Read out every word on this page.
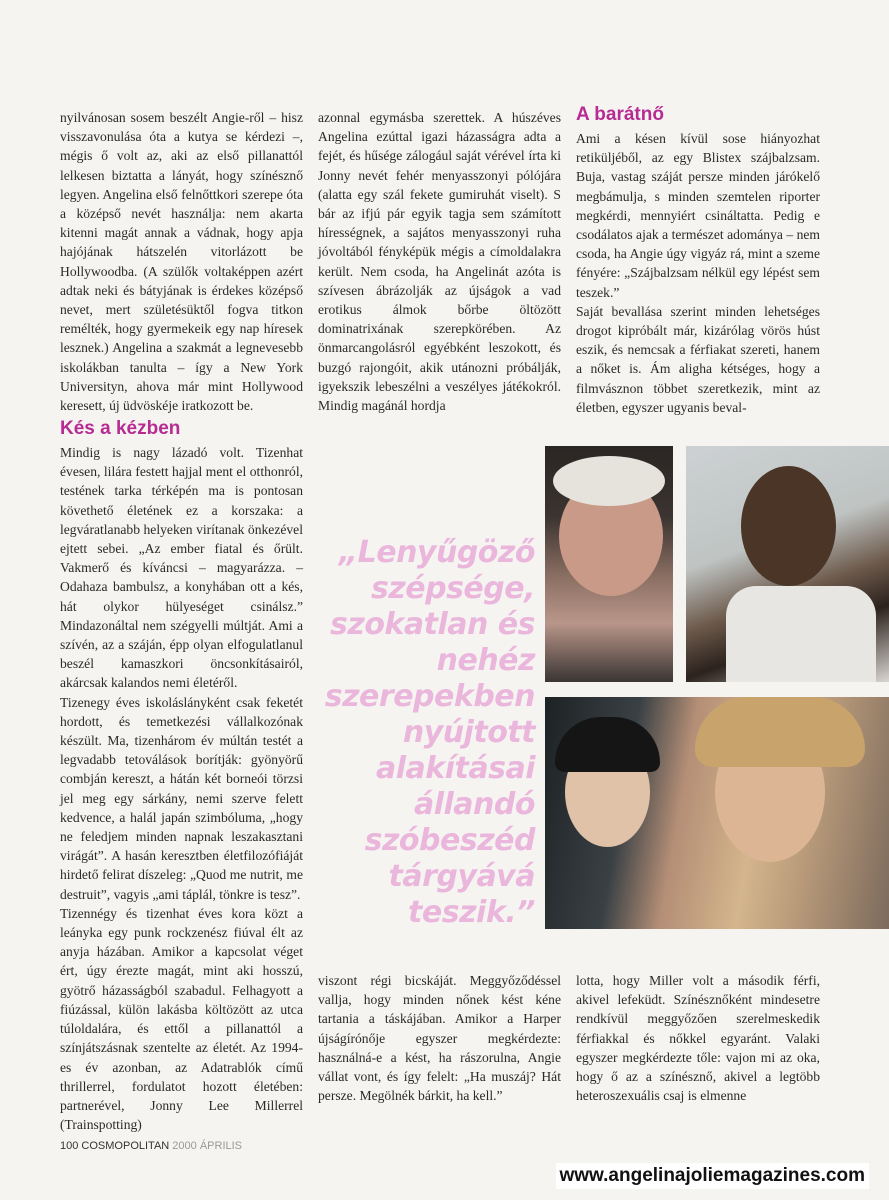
nyilvánosan sosem beszélt Angie-ről – hisz visszavonulása óta a kutya se kérdezi –, mégis ő volt az, aki az első pillanattól lelkesen biztatta a lányát, hogy színésznő legyen. Angelina első felnőttkori szerepe óta a középső nevét használja: nem akarta kitenni magát annak a vádnak, hogy apja hajójának hátszelén vitorlázott be Hollywoodba. (A szülők voltaképpen azért adtak neki és bátyjának is érdekes középső nevet, mert születésüktől fogva titkon remélték, hogy gyermekeik egy nap híresek lesznek.) Angelina a szakmát a legnevesebb iskolákban tanulta – így a New York Universityn, ahova már mint Hollywood keresett, új üdvöskéje iratkozott be.

azonnal egymásba szerettek. A húszéves Angelina ezúttal igazi házasságra adta a fejét, és hűsége zálogául saját vérével írta ki Jonny nevét fehér menyasszonyi pólójára (alatta egy szál fekete gumiruhát viselt). S bár az ifjú pár egyik tagja sem számított hírességnek, a sajátos menyasszonyi ruha jóvoltából fényképük mégis a címoldalakra került. Nem csoda, ha Angelinát azóta is szívesen ábrázolják az újságok a vad erotikus álmok bőrbe öltözött dominatrixának szerepkörében. Az önmarcangolásról egyébként leszokott, és buzgó rajongóit, akik utánozni próbálják, igyekszik lebeszélni a veszélyes játékokról. Mindig magánál hordja

A barátnő

Ami a késen kívül sose hiányozhat retiküljéből, az egy Blistex szájbalzsam. Buja, vastag száját persze minden járókelő megbámulja, s minden szemtelen riporter megkérdi, mennyiért csináltatta. Pedig e csodálatos ajak a természet adománya – nem csoda, ha Angie úgy vigyáz rá, mint a szeme fényére: „Szájbalzsam nélkül egy lépést sem teszek.”

Saját bevallása szerint minden lehetséges drogot kipróbált már, kizárólag vörös húst eszik, és nemcsak a férfiakat szereti, hanem a nőket is. Ám aligha kétséges, hogy a filmvásznon többet szeretkezik, mint az életben, egyszer ugyanis beval-

Kés a kézben

Mindig is nagy lázadó volt. Tizenhat évesen, lilára festett hajjal ment el otthonról, testének tarka térképén ma is pontosan követhető életének ez a korszaka: a legváratlanabb helyeken virítanak önkezével ejtett sebei. „Az ember fiatal és őrült. Vakmerő és kíváncsi – magyarázza. – Odahaza bambulsz, a konyhában ott a kés, hát olykor hülyeséget csinálsz.” Mindazonáltal nem szégyelli múltját. Ami a szívén, az a száján, épp olyan elfogulatlanul beszél kamaszkori öncsonkításairól, akárcsak kalandos nemi életéről.

Tizenegy éves iskoláslányként csak feketét hordott, és temetkezési vállalkozónak készült. Ma, tizenhárom év múltán testét a legvadabb tetoválások borítják: gyönyörű combján kereszt, a hátán két borneói törzsi jel meg egy sárkány, nemi szerve felett kedvence, a halál japán szimbóluma, „hogy ne feledjem minden napnak leszakasztani virágát”. A hasán keresztben életfilozófiáját hirdető felirat díszeleg: „Quod me nutrit, me destruit”, vagyis „ami táplál, tönkre is tesz”.

Tizennégy és tizenhat éves kora közt a leányka egy punk rockzenész fiúval élt az anyja házában. Amikor a kapcsolat véget ért, úgy érezte magát, mint aki hosszú, gyötrő házasságból szabadul. Felhagyott a fiúzással, külön lakásba költözött az utca túloldalára, és ettől a pillanattól a színjátszásnak szentelte az életét. Az 1994-es év azonban, az Adatrablók című thrillerrel, fordulatot hozott életében: partnerével, Jonny Lee Millerrel (Trainspotting)

„Lenyűgöző szépsége, szokatlan és nehéz szerepekben nyújtott alakításai állandó szóbeszéd tárgyává teszik.”

viszont régi bicskáját. Meggyőződéssel vallja, hogy minden nőnek kést kéne tartania a táskájában. Amikor a Harper újságírónője egyszer megkérdezte: használná-e a kést, ha rászorulna, Angie vállat vont, és így felelt: „Ha muszáj? Hát persze. Megölnék bárkit, ha kell.”

lotta, hogy Miller volt a második férfi, akivel lefeküdt. Színésznőként mindesetre rendkívül meggyőzően szerelmeskedik férfiakkal és nőkkel egyaránt. Valaki egyszer megkérdezte tőle: vajon mi az oka, hogy ő az a színésznő, akivel a legtöbb heteroszexuális csaj is elmenne

100 COSMOPOLITAN 2000 ÁPRILIS
www.angelinajoliemagazines.com
